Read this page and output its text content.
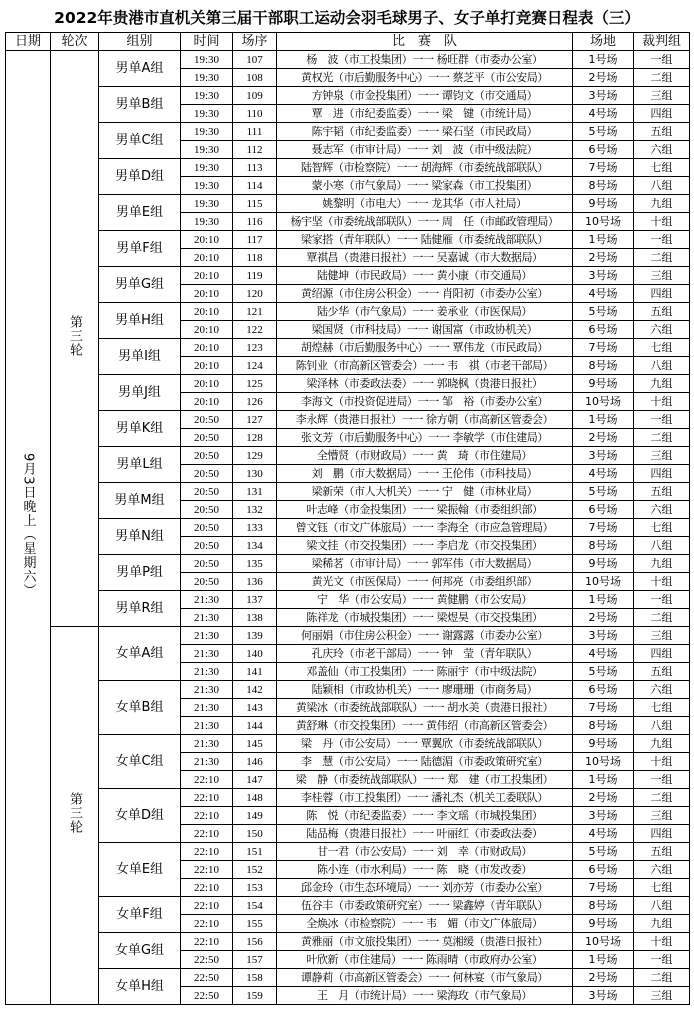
2022年贵港市直机关第三届干部职工运动会羽毛球男子、女子单打竞赛日程表（三）
日期	轮次	组别	时间	场序	比　赛　队	场地	裁判组
9月3日晚上（星期六）	第三轮	男单A组	19:30	107	杨　波（市工投集团）一一 杨旺群（市委办公室）	1号场	一组
			19:30	108	黄权光（市后勤服务中心）一一 蔡芝平（市公安局）	2号场	二组
		男单B组	19:30	109	方钟泉（市金投集团）一一 谭钧文（市交通局）	3号场	三组
			19:30	110	覃　进（市纪委监委）一一 梁　键（市统计局）	4号场	四组
		男单C组	19:30	111	陈宇韬（市纪委监委）一一 梁石坚（市民政局）	5号场	五组
			19:30	112	聂志军（市审计局）一一 刘　波（市中级法院）	6号场	六组
		男单D组	19:30	113	陆智辉（市检察院）一一 胡海辉（市委统战部联队）	7号场	七组
			19:30	114	蒙小寒（市气象局）一一 梁家森（市工投集团）	8号场	八组
		男单E组	19:30	115	姚黎明（市电大）一一 龙其华（市人社局）	9号场	九组
			19:30	116	杨宇坚（市委统战部联队）一一 周　任（市邮政管理局）	10号场	十组
		男单F组	20:10	117	梁家搭（青年联队）一一 陆健雁（市委统战部联队）	1号场	一组
			20:10	118	覃祺昌（贵港日报社）一一 吴嘉诚（市大数据局）	2号场	二组
		男单G组	20:10	119	陆健坤（市民政局）一一 黄小康（市交通局）	3号场	三组
			20:10	120	黄绍源（市住房公积金）一一 肖阳初（市委办公室）	4号场	四组
		男单H组	20:10	121	陆少华（市气象局）一一 姜承业（市医保局）	5号场	五组
			20:10	122	梁国贤（市科技局）一一 谢国富（市政协机关）	6号场	六组
		男单I组	20:10	123	胡煌赫（市后勤服务中心）一一 覃伟龙（市民政局）	7号场	七组
			20:10	124	陈钊业（市高新区管委会）一一 韦　祺（市老干部局）	8号场	八组
		男单J组	20:10	125	梁泽林（市委政法委）一一 郭晓枫（贵港日报社）	9号场	九组
			20:10	126	李海文（市投资促进局）一一 邹　裕（市委办公室）	10号场	十组
		男单K组	20:50	127	李永辉（贵港日报社）一一 徐方朝（市高新区管委会）	1号场	一组
			20:50	128	张文芳（市后勤服务中心）一一 李敏学（市住建局）	2号场	二组
		男单L组	20:50	129	全懵贤（市财政局）一一 黄　琦（市住建局）	3号场	三组
			20:50	130	刘　鹏（市大数据局）一一 王伦伟（市科技局）	4号场	四组
		男单M组	20:50	131	梁新荣（市人大机关）一一 宁　健（市林业局）	5号场	五组
			20:50	132	叶志峰（市金投集团）一一 梁振翰（市委组织部）	6号场	六组
		男单N组	20:50	133	曾文钰（市文广体旅局）一一 李海全（市应急管理局）	7号场	七组
			20:50	134	梁文挂（市交投集团）一一 李启龙（市交投集团）	8号场	八组
		男单P组	20:50	135	梁稀茗（市审计局）一一 郭军伟（市大数据局）	9号场	九组
			20:50	136	黄光文（市医保局）一一 何邦亮（市委组织部）	10号场	十组
		男单R组	21:30	137	宁　华（市公安局）一一 黄健鹏（市公安局）	1号场	一组
			21:30	138	陈祥龙（市城投集团）一一 梁煜昊（市交投集团）	2号场	二组
	第三轮	女单A组	21:30	139	何丽娟（市住房公积金）一一 谢露露（市委办公室）	3号场	三组
			21:30	140	孔庆玲（市老干部局）一一 钟　莹（青年联队）	4号场	四组
			21:30	141	邓盖仙（市工投集团）一一 陈丽宇（市中级法院）	5号场	五组
		女单B组	21:30	142	陆颖相（市政协机关）一一 廖珊珊（市商务局）	6号场	六组
			21:30	143	黄梁冰（市委统战部联队）一一 胡水美（贵港日报社）	7号场	七组
			21:30	144	黄舒琳（市交投集团）一一 黄伟绍（市高新区管委会）	8号场	八组
		女单C组	21:30	145	梁　丹（市公安局）一一 覃翼欣（市委统战部联队）	9号场	九组
			21:30	146	李　慧（市公安局）一一 陆德湄（市委政策研究室）	10号场	十组
			22:10	147	梁　静（市委统战部联队）一一 郑　建（市工投集团）	1号场	一组
		女单D组	22:10	148	李桂蓉（市工投集团）一一 潘礼杰（机关工委联队）	2号场	二组
			22:10	149	陈　悦（市纪委监委）一一 李文瑶（市城投集团）	3号场	三组
			22:10	150	陆品梅（贵港日报社）一一 叶丽红（市委政法委）	4号场	四组
		女单E组	22:10	151	甘一君（市公安局）一一 刘　幸（市财政局）	5号场	五组
			22:10	152	陈小连（市水利局）一一 陈　晓（市发改委）	6号场	六组
			22:10	153	邱金玲（市生态环境局）一一 刘亦芳（市委办公室）	7号场	七组
		女单F组	22:10	154	伍谷丰（市委政策研究室）一一 梁鑫婷（青年联队）	8号场	八组
			22:10	155	全焕冰（市检察院）一一 韦　媚（市文广体旅局）	9号场	九组
		女单G组	22:10	156	黄雅丽（市文旅投集团）一一 莫湘缓（贵港日报社）	10号场	十组
			22:50	157	叶欣新（市住建局）一一 陈雨晴（市政府办公室）	1号场	一组
		女单H组	22:50	158	谭静莉（市高新区管委会）一一 何林宴（市气象局）	2号场	二组
			22:50	159	王　月（市统计局）一一 梁海玫（市气象局）	3号场	三组
